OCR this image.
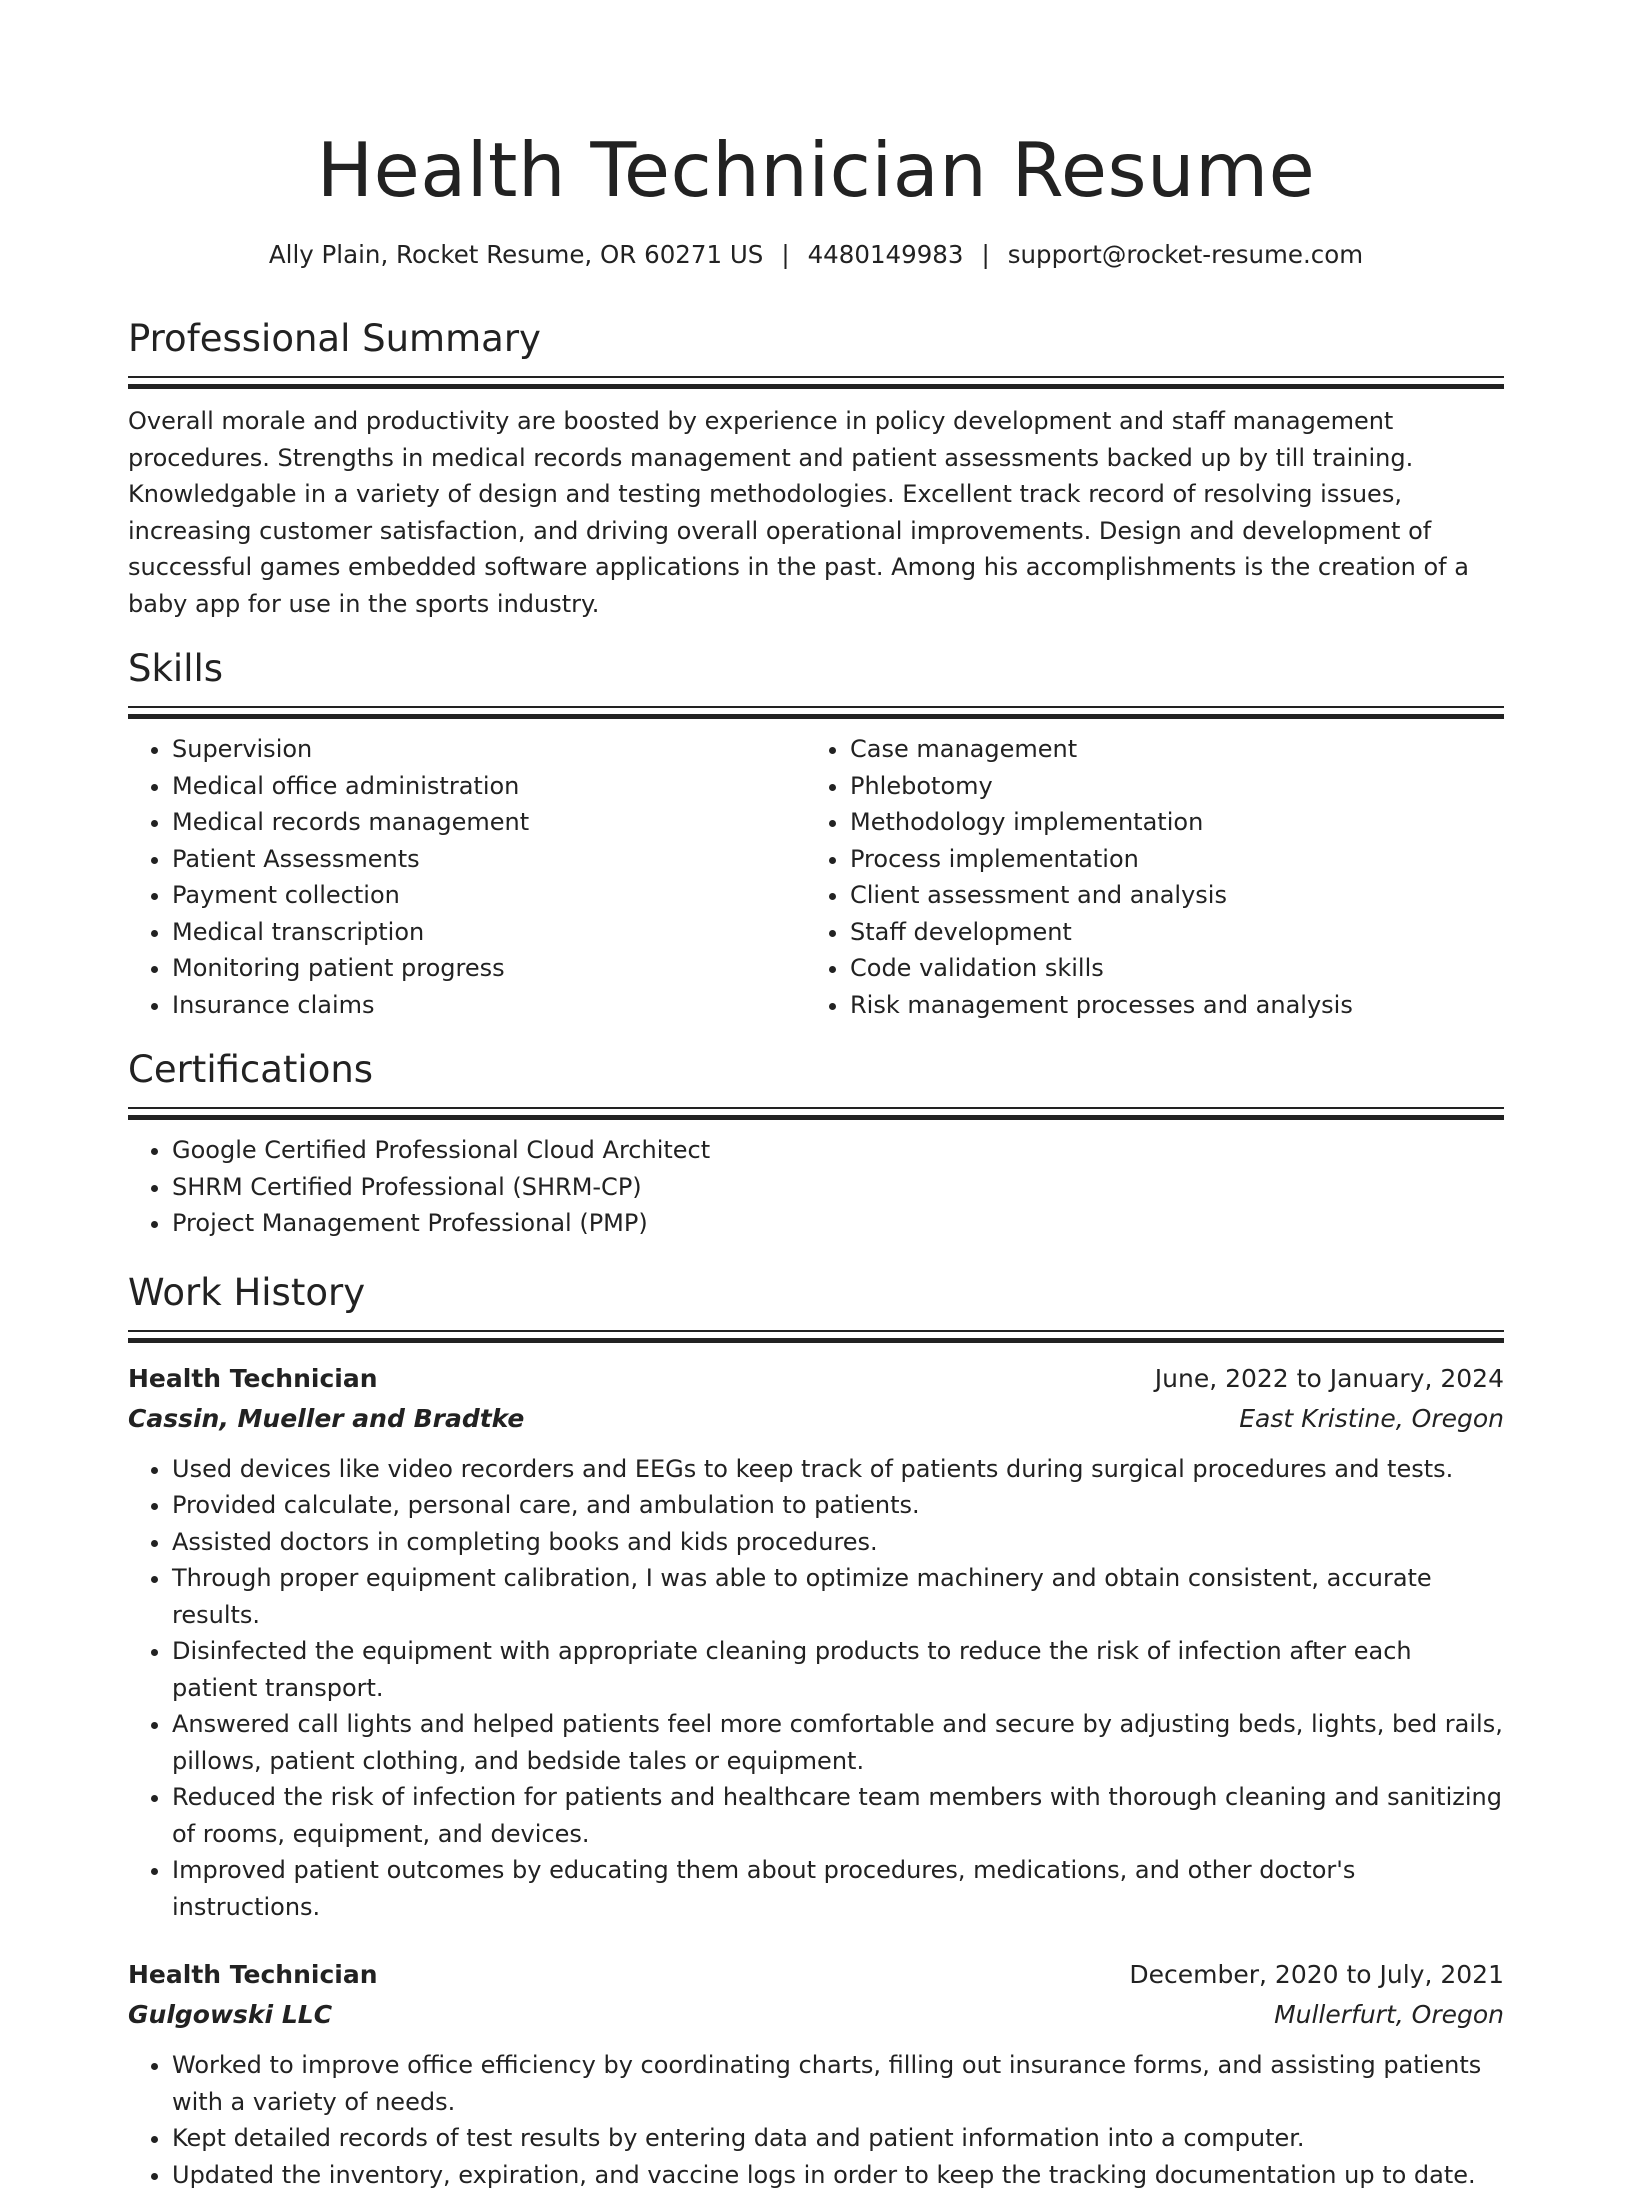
Health Technician Resume
Ally Plain, Rocket Resume, OR 60271 US | 4480149983 | support@rocket-resume.com
Professional Summary

Overall morale and productivity are boosted by experience in policy development and staff management procedures. Strengths in medical records management and patient assessments backed up by till training. Knowledgable in a variety of design and testing methodologies. Excellent track record of resolving issues, increasing customer satisfaction, and driving overall operational improvements. Design and development of successful games embedded software applications in the past. Among his accomplishments is the creation of a baby app for use in the sports industry.

Skills
• Supervision
• Medical office administration
• Medical records management
• Patient Assessments
• Payment collection
• Medical transcription
• Monitoring patient progress
• Insurance claims
• Case management
• Phlebotomy
• Methodology implementation
• Process implementation
• Client assessment and analysis
• Staff development
• Code validation skills
• Risk management processes and analysis
Certifications
• Google Certified Professional Cloud Architect
• SHRM Certified Professional (SHRM-CP)
• Project Management Professional (PMP)
Work History
Health Technician	June, 2022 to January, 2024
Cassin, Mueller and Bradtke	East Kristine, Oregon
• Used devices like video recorders and EEGs to keep track of patients during surgical procedures and tests.
• Provided calculate, personal care, and ambulation to patients.
• Assisted doctors in completing books and kids procedures.
• Through proper equipment calibration, I was able to optimize machinery and obtain consistent, accurate results.
• Disinfected the equipment with appropriate cleaning products to reduce the risk of infection after each patient transport.
• Answered call lights and helped patients feel more comfortable and secure by adjusting beds, lights, bed rails, pillows, patient clothing, and bedside tales or equipment.
• Reduced the risk of infection for patients and healthcare team members with thorough cleaning and sanitizing of rooms, equipment, and devices.
• Improved patient outcomes by educating them about procedures, medications, and other doctor's instructions.
Health Technician	December, 2020 to July, 2021
Gulgowski LLC	Mullerfurt, Oregon
• Worked to improve office efficiency by coordinating charts, filling out insurance forms, and assisting patients with a variety of needs.
• Kept detailed records of test results by entering data and patient information into a computer.
• Updated the inventory, expiration, and vaccine logs in order to keep the tracking documentation up to date.
